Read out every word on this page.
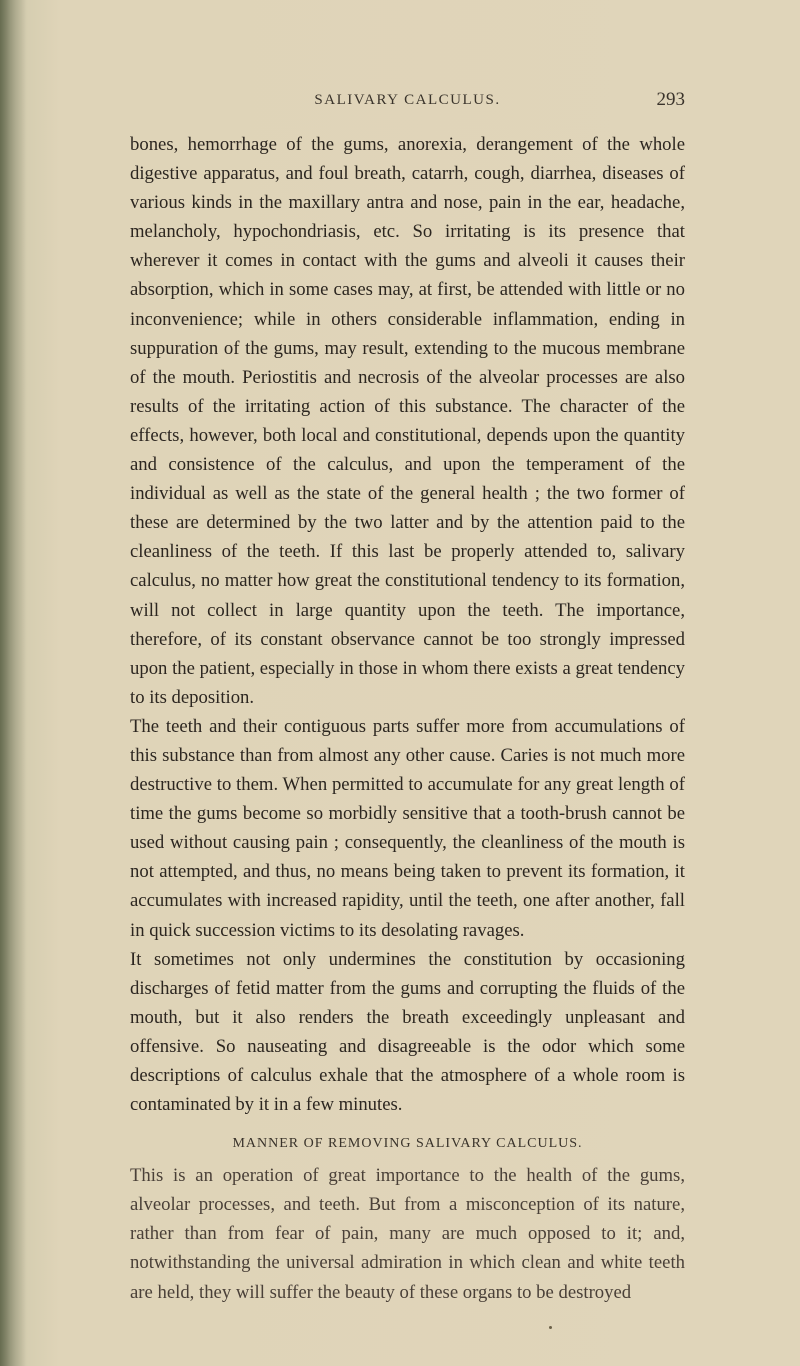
SALIVARY CALCULUS.	293

bones, hemorrhage of the gums, anorexia, derangement of the whole digestive apparatus, and foul breath, catarrh, cough, diarrhea, diseases of various kinds in the maxillary antra and nose, pain in the ear, headache, melancholy, hypochondriasis, etc. So irritating is its presence that wherever it comes in contact with the gums and alveoli it causes their absorption, which in some cases may, at first, be attended with little or no inconvenience; while in others considerable inflammation, ending in suppuration of the gums, may result, extending to the mucous membrane of the mouth. Periostitis and necrosis of the alveolar processes are also results of the irritating action of this substance. The character of the effects, however, both local and constitutional, depends upon the quantity and consistence of the calculus, and upon the temperament of the individual as well as the state of the general health ; the two former of these are determined by the two latter and by the attention paid to the cleanliness of the teeth. If this last be properly attended to, salivary calculus, no matter how great the constitutional tendency to its formation, will not collect in large quantity upon the teeth. The importance, therefore, of its constant observance cannot be too strongly impressed upon the patient, especially in those in whom there exists a great tendency to its deposition.

The teeth and their contiguous parts suffer more from accumulations of this substance than from almost any other cause. Caries is not much more destructive to them. When permitted to accumulate for any great length of time the gums become so morbidly sensitive that a tooth-brush cannot be used without causing pain ; consequently, the cleanliness of the mouth is not attempted, and thus, no means being taken to prevent its formation, it accumulates with increased rapidity, until the teeth, one after another, fall in quick succession victims to its desolating ravages.

It sometimes not only undermines the constitution by occasioning discharges of fetid matter from the gums and corrupting the fluids of the mouth, but it also renders the breath exceedingly unpleasant and offensive. So nauseating and disagreeable is the odor which some descriptions of calculus exhale that the atmosphere of a whole room is contaminated by it in a few minutes.

MANNER OF REMOVING SALIVARY CALCULUS.

This is an operation of great importance to the health of the gums, alveolar processes, and teeth. But from a misconception of its nature, rather than from fear of pain, many are much opposed to it; and, notwithstanding the universal admiration in which clean and white teeth are held, they will suffer the beauty of these organs to be destroyed
